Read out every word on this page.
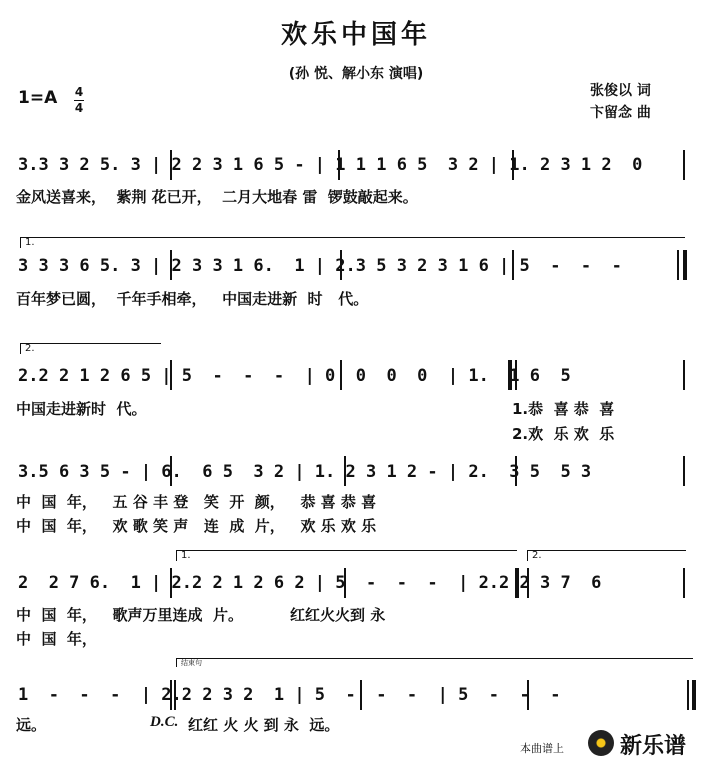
欢乐中国年
(孙 悦、解小东 演唱)
1=A 4
4
张俊以 词
卞留念 曲
3.3 3 2 5. 3 | 2 2 3 1 6 5 - | 1 1 1 6 5  3 2 | 1. 2 3 1 2  0
金风送喜来，  紫荆 花已开，  二月大地春 雷  锣鼓敲起来。
1.
3 3 3 6 5. 3 | 2 3 3 1 6.  1 | 2.3 5 3 2 3 1 6 | 5  -  -  -
百年梦已圆，  千年手相牵，   中国走进新  时   代。
2.
2.2 2 1 2 6 5 | 5  -  -  -  | 0  0  0  0  | 1.  1 6  5
中国走进新时  代。	1.恭  喜 恭  喜
2.欢  乐 欢  乐
3.5 6 3 5 - | 6.  6 5  3 2 | 1. 2 3 1 2 - | 2.  3 5  5 3
中  国  年，   五 谷 丰 登   笑  开  颜，   恭 喜 恭 喜
中  国  年，   欢 歌 笑 声   连  成  片，   欢 乐 欢 乐
1.	2.
2  2 7 6.  1 | 2.2 2 1 2 6 2 | 5  -  -  -  | 2.2 2 3 7  6
中  国  年，   歌声万里连成  片。         红红火火到 永
中  国  年，
结束句
1  -  -  -  | 2.2 2 3 2  1 | 5  -  -  -  | 5  -  -  -
远。	D.C. 红红 火 火 到 永  远。
本曲谱上	新乐谱
